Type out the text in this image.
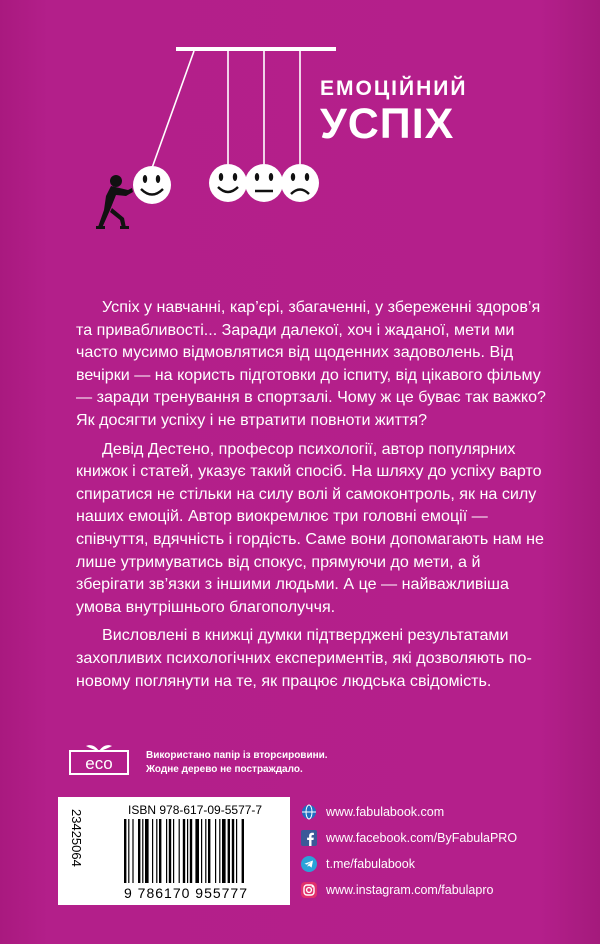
ЕМОЦІЙНИЙ
УСПІХ

Успіх у навчанні, кар’єрі, збагаченні, у збереженні здоров’я та привабливості... Заради далекої, хоч і жаданої, мети ми часто мусимо відмовлятися від щоденних задоволень. Від вечірки — на користь підготовки до іспиту, від цікавого фільму — заради тренування в спортзалі. Чому ж це буває так важко? Як досягти успіху і не втратити повноти життя?

Девід Дестено, професор психології, автор популярних книжок і статей, указує такий спосіб. На шляху до успіху варто спиратися не стільки на силу волі й самоконтроль, як на силу наших емоцій. Автор виокремлює три головні емоції — співчуття, вдячність і гордість. Саме вони допомагають нам не лише утримуватись від спокус, прямуючи до мети, а й зберігати зв’язки з іншими людьми. А це — найважливіша умова внутрішнього благополуччя.

Висловлені в книжці думки підтверджені результатами захопливих психологічних експериментів, які дозволяють по-новому поглянути на те, як працює людська свідомість.

eco	Використано папір із вторсировини.
Жодне дерево не постраждало.
ISBN 978-617-09-5577-7
23425064
9 786170 955777
www.fabulabook.com
www.facebook.com/ByFabulaPRO
t.me/fabulabook
www.instagram.com/fabulapro
